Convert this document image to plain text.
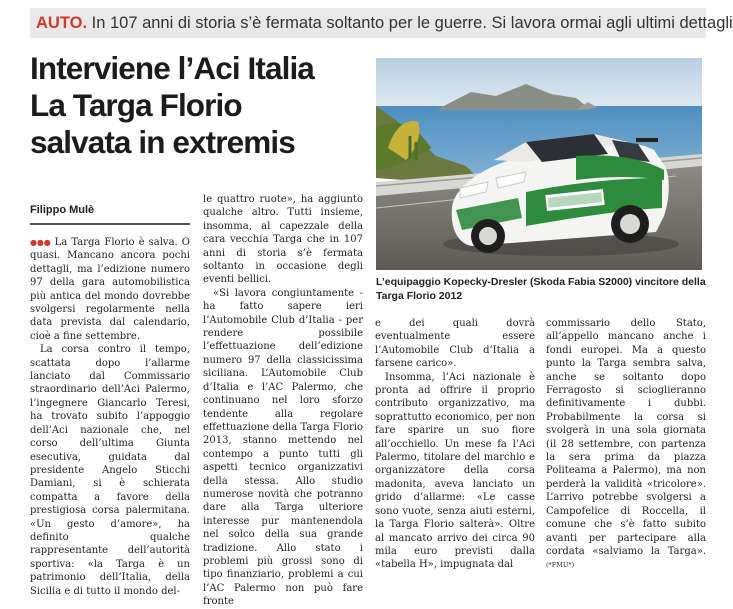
AUTO. In 107 anni di storia s’è fermata soltanto per le guerre. Si lavora ormai agli ultimi dettagli
Interviene l’Aci Italia
La Targa Florio
salvata in extremis
Filippo Mulè

●●● La Targa Florio è salva. O quasi. Mancano ancora pochi dettagli, ma l’edizione numero 97 della gara automobilistica più antica del mondo dovrebbe svolgersi regolarmente nella data prevista dal calendario, cioè a fine settembre.

La corsa contro il tempo, scattata dopo l’allarme lanciato dal Commissario straordinario dell’Aci Palermo, l’ingegnere Giancarlo Teresi, ha trovato subito l’appoggio dell’Aci nazionale che, nel corso dell’ultima Giunta esecutiva, guidata dal presidente Angelo Sticchi Damiani, si è schierata compatta a favore della prestigiosa corsa palermitana. «Un gesto d’amore», ha definito qualche rappresentante dell’autorità sportiva: «la Targa è un patrimonio dell’Italia, della Sicilia e di tutto il mondo del-

le quattro ruote», ha aggiunto qualche altro. Tutti insieme, insomma, al capezzale della cara vecchia Targa che in 107 anni di storia s’è fermata soltanto in occasione degli eventi bellici.

«Si lavora congiuntamente - ha fatto sapere ieri l’Automobile Club d’Italia - per rendere possibile l’effettuazione dell’edizione numero 97 della classicissima siciliana. L’Automobile Club d’Italia e l’AC Palermo, che continuano nel loro sforzo tendente alla regolare effettuazione della Targa Florio 2013, stanno mettendo nel contempo a punto tutti gli aspetti tecnico organizzativi della stessa. Allo studio numerose novità che potranno dare alla Targa ulteriore interesse pur mantenendola nel solco della sua grande tradizione. Allo stato i problemi più grossi sono di tipo finanziario, problemi a cui l’AC Palermo non può fare fronte

e dei quali dovrà eventualmente essere l’Automobile Club d’Italia a farsene carico».

Insomma, l’Aci nazionale è pronta ad offrire il proprio contributo organizzativo, ma soprattutto economico, per non fare sparire un suo fiore all’occhiello. Un mese fa l’Aci Palermo, titolare del marchio e organizzatore della corsa madonita, aveva lanciato un grido d’allarme: «Le casse sono vuote, senza aiuti esterni, la Targa Florio salterà». Oltre al mancato arrivo dei circa 90 mila euro previsti dalla «tabella H», impugnata dal

commissario dello Stato, all’appello mancano anche i fondi europei. Ma a questo punto la Targa sembra salva, anche se soltanto dopo Ferragosto si scioglieranno definitivamente i dubbi. Probabilmente la corsa si svolgerà in una sola giornata (il 28 settembre, con partenza la sera prima da piazza Politeama a Palermo), ma non perderà la validità «tricolore». L’arrivo potrebbe svolgersi a Campofelice di Roccella, il comune che s’è fatto subito avanti per partecipare alla cordata «salviamo la Targa». (*FMU*)

L’equipaggio Kopecky-Dresler (Skoda Fabia S2000) vincitore della Targa Florio 2012
